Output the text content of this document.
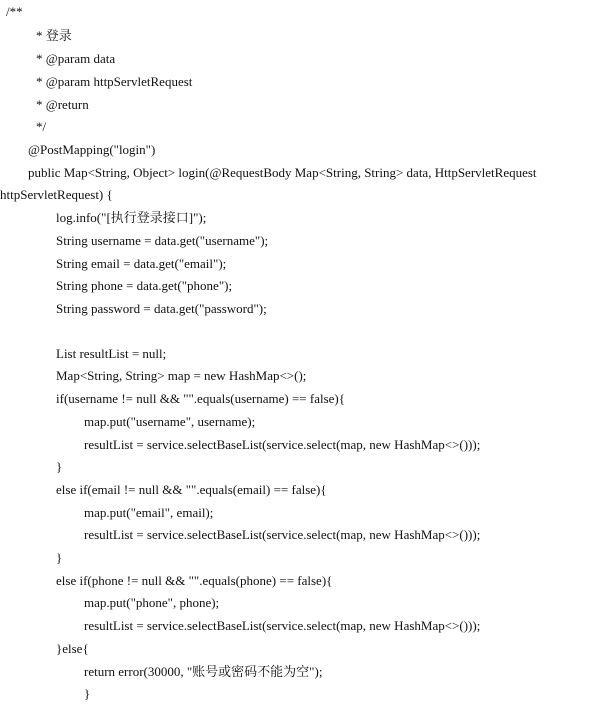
/**
* 登录
* @param data
* @param httpServletRequest
* @return
*/
@PostMapping("login")
public Map<String, Object> login(@RequestBody Map<String, String> data, HttpServletRequest
httpServletRequest) {
log.info("[执行登录接口]");
String username = data.get("username");
String email = data.get("email");
String phone = data.get("phone");
String password = data.get("password");
List resultList = null;
Map<String, String> map = new HashMap<>();
if(username != null && "".equals(username) == false){
map.put("username", username);
resultList = service.selectBaseList(service.select(map, new HashMap<>()));
}
else if(email != null && "".equals(email) == false){
map.put("email", email);
resultList = service.selectBaseList(service.select(map, new HashMap<>()));
}
else if(phone != null && "".equals(phone) == false){
map.put("phone", phone);
resultList = service.selectBaseList(service.select(map, new HashMap<>()));
}else{
return error(30000, "账号或密码不能为空");
}
